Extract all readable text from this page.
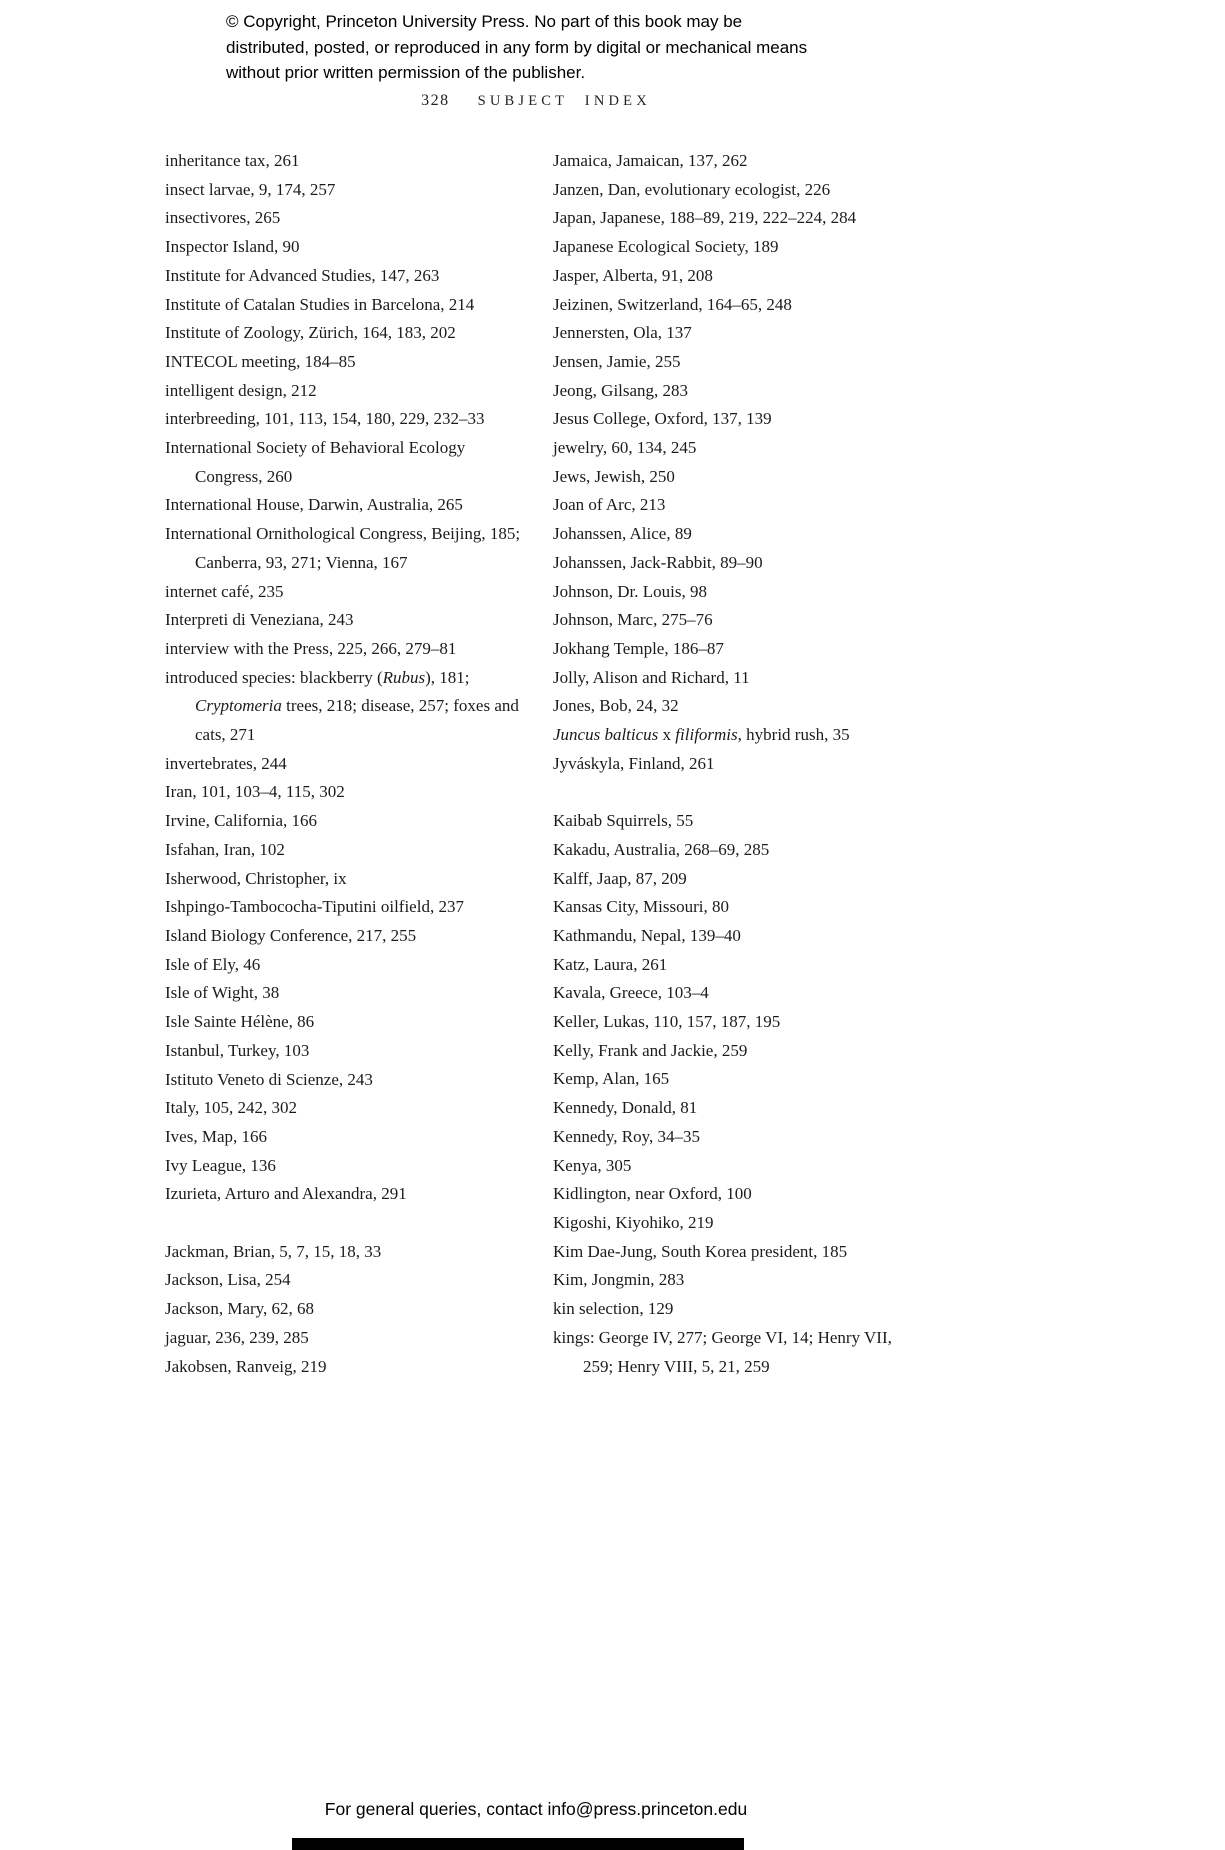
© Copyright, Princeton University Press. No part of this book may be distributed, posted, or reproduced in any form by digital or mechanical means without prior written permission of the publisher.

328 SUBJECT INDEX

inheritance tax, 261

insect larvae, 9, 174, 257

insectivores, 265

Inspector Island, 90

Institute for Advanced Studies, 147, 263

Institute of Catalan Studies in Barcelona, 214

Institute of Zoology, Zürich, 164, 183, 202

INTECOL meeting, 184–85

intelligent design, 212

interbreeding, 101, 113, 154, 180, 229, 232–33

International Society of Behavioral Ecology Congress, 260

International House, Darwin, Australia, 265

International Ornithological Congress, Beijing, 185; Canberra, 93, 271; Vienna, 167

internet café, 235

Interpreti di Veneziana, 243

interview with the Press, 225, 266, 279–81

introduced species: blackberry (Rubus), 181; Cryptomeria trees, 218; disease, 257; foxes and cats, 271

invertebrates, 244

Iran, 101, 103–4, 115, 302

Irvine, California, 166

Isfahan, Iran, 102

Isherwood, Christopher, ix

Ishpingo-Tambococha-Tiputini oilfield, 237

Island Biology Conference, 217, 255

Isle of Ely, 46

Isle of Wight, 38

Isle Sainte Hélène, 86

Istanbul, Turkey, 103

Istituto Veneto di Scienze, 243

Italy, 105, 242, 302

Ives, Map, 166

Ivy League, 136

Izurieta, Arturo and Alexandra, 291

Jackman, Brian, 5, 7, 15, 18, 33

Jackson, Lisa, 254

Jackson, Mary, 62, 68

jaguar, 236, 239, 285

Jakobsen, Ranveig, 219

Jamaica, Jamaican, 137, 262

Janzen, Dan, evolutionary ecologist, 226

Japan, Japanese, 188–89, 219, 222–224, 284

Japanese Ecological Society, 189

Jasper, Alberta, 91, 208

Jeizinen, Switzerland, 164–65, 248

Jennersten, Ola, 137

Jensen, Jamie, 255

Jeong, Gilsang, 283

Jesus College, Oxford, 137, 139

jewelry, 60, 134, 245

Jews, Jewish, 250

Joan of Arc, 213

Johanssen, Alice, 89

Johanssen, Jack-Rabbit, 89–90

Johnson, Dr. Louis, 98

Johnson, Marc, 275–76

Jokhang Temple, 186–87

Jolly, Alison and Richard, 11

Jones, Bob, 24, 32

Juncus balticus x filiformis, hybrid rush, 35

Jyváskyla, Finland, 261

Kaibab Squirrels, 55

Kakadu, Australia, 268–69, 285

Kalff, Jaap, 87, 209

Kansas City, Missouri, 80

Kathmandu, Nepal, 139–40

Katz, Laura, 261

Kavala, Greece, 103–4

Keller, Lukas, 110, 157, 187, 195

Kelly, Frank and Jackie, 259

Kemp, Alan, 165

Kennedy, Donald, 81

Kennedy, Roy, 34–35

Kenya, 305

Kidlington, near Oxford, 100

Kigoshi, Kiyohiko, 219

Kim Dae-Jung, South Korea president, 185

Kim, Jongmin, 283

kin selection, 129

kings: George IV, 277; George VI, 14; Henry VII, 259; Henry VIII, 5, 21, 259

For general queries, contact info@press.princeton.edu
